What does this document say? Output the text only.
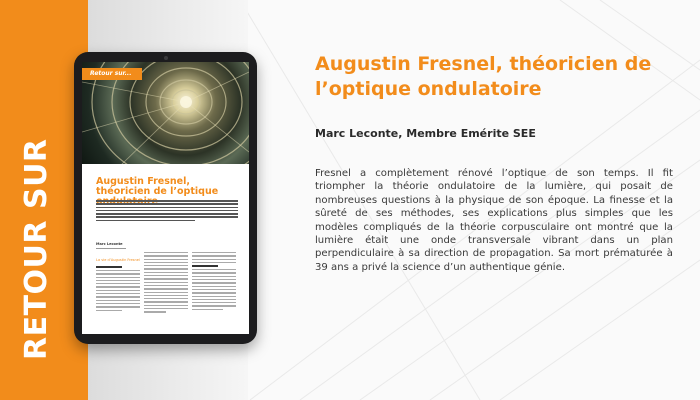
RETOUR SUR
Retour sur...
Augustin Fresnel, théoricien de l’optique
Marc Leconte
La vie d’Augustin Fresnel
Augustin Fresnel, théoricien de l’optique ondulatoire
Marc Leconte, Membre Emérite SEE
Fresnel a complètement rénové l’optique de son temps. Il fit triompher la théorie ondulatoire de la lumière, qui posait de nombreuses questions à la physique de son époque. La finesse et la sûreté de ses méthodes, ses explications plus simples que les modèles compliqués de la théorie corpusculaire ont montré que la lumière était une onde transversale vibrant dans un plan perpendiculaire à sa direction de propagation. Sa mort prématurée à 39 ans a privé la science d’un authentique génie.
